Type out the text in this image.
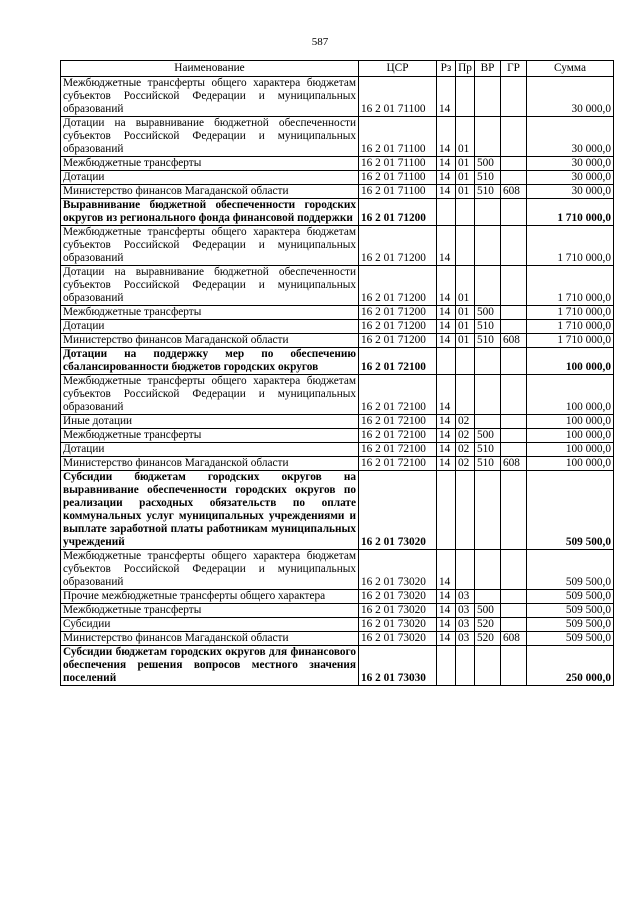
587
Наименование	ЦСР	Рз	Пр	ВР	ГР	Сумма
Межбюджетные трансферты общего характера бюджетам субъектов Российской Федерации и муниципальных образований	16 2 01 71100	14				30 000,0
Дотации на выравнивание бюджетной обеспеченности субъектов Российской Федерации и муниципальных образований	16 2 01 71100	14	01			30 000,0
Межбюджетные трансферты	16 2 01 71100	14	01	500		30 000,0
Дотации	16 2 01 71100	14	01	510		30 000,0
Министерство финансов Магаданской области	16 2 01 71100	14	01	510	608	30 000,0
Выравнивание бюджетной обеспеченности городских округов из регионального фонда финансовой поддержки	16 2 01 71200					1 710 000,0
Межбюджетные трансферты общего характера бюджетам субъектов Российской Федерации и муниципальных образований	16 2 01 71200	14				1 710 000,0
Дотации на выравнивание бюджетной обеспеченности субъектов Российской Федерации и муниципальных образований	16 2 01 71200	14	01			1 710 000,0
Межбюджетные трансферты	16 2 01 71200	14	01	500		1 710 000,0
Дотации	16 2 01 71200	14	01	510		1 710 000,0
Министерство финансов Магаданской области	16 2 01 71200	14	01	510	608	1 710 000,0
Дотации на поддержку мер по обеспечению сбалансированности бюджетов городских округов	16 2 01 72100					100 000,0
Межбюджетные трансферты общего характера бюджетам субъектов Российской Федерации и муниципальных образований	16 2 01 72100	14				100 000,0
Иные дотации	16 2 01 72100	14	02			100 000,0
Межбюджетные трансферты	16 2 01 72100	14	02	500		100 000,0
Дотации	16 2 01 72100	14	02	510		100 000,0
Министерство финансов Магаданской области	16 2 01 72100	14	02	510	608	100 000,0
Субсидии бюджетам городских округов на выравнивание обеспеченности городских округов по реализации расходных обязательств по оплате коммунальных услуг муниципальных учреждениями и выплате заработной платы работникам муниципальных учреждений	16 2 01 73020					509 500,0
Межбюджетные трансферты общего характера бюджетам субъектов Российской Федерации и муниципальных образований	16 2 01 73020	14				509 500,0
Прочие межбюджетные трансферты общего характера	16 2 01 73020	14	03			509 500,0
Межбюджетные трансферты	16 2 01 73020	14	03	500		509 500,0
Субсидии	16 2 01 73020	14	03	520		509 500,0
Министерство финансов Магаданской области	16 2 01 73020	14	03	520	608	509 500,0
Субсидии бюджетам городских округов для финансового обеспечения решения вопросов местного значения поселений	16 2 01 73030					250 000,0
